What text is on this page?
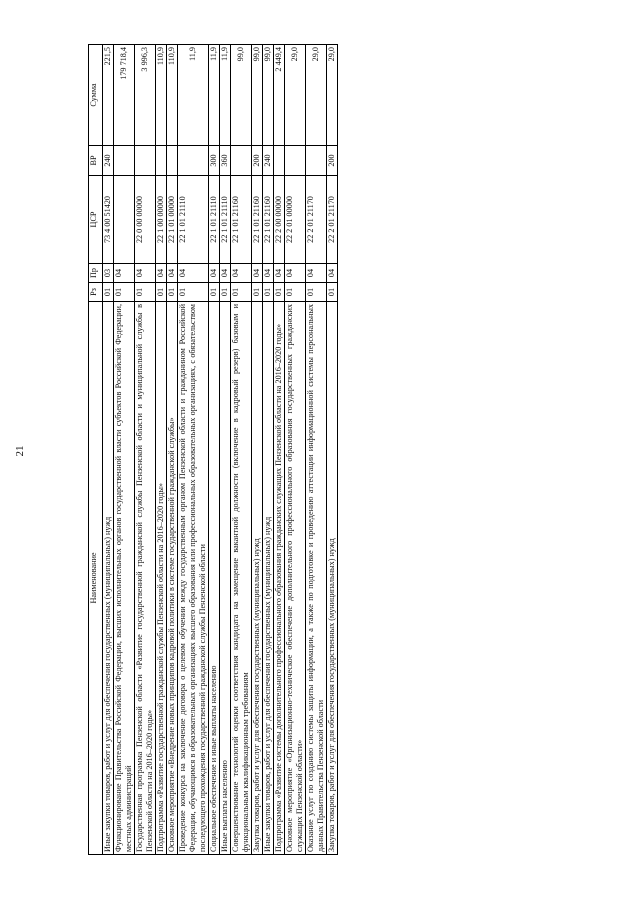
21
Наименование	Рз	Пр	ЦСР	ВР	Сумма
Иные закупки товаров, работ и услуг для обеспечения государственных (муниципальных) нужд	01	03	73 4 00 51420	240	221,5
Функционирование Правительства Российской Федерации, высших исполнительных органов государственной власти субъектов Российской Федерации, местных администраций	01	04			179 718,4
Государственная программа Пензенской области «Развитие государственной гражданской службы Пензенской области и муниципальной службы в Пензенской области на 2016–2020 годы»	01	04	22 0 00 00000		3 996,3
Подпрограмма «Развитие государственной гражданской службы Пензенской области на 2016–2020 годы»	01	04	22 1 00 00000		110,9
Основное мероприятие «Внедрение новых принципов кадровой политики в системе государственной гражданской службы»	01	04	22 1 01 00000		110,9
Проведение конкурса на заключение договора о целевом обучении между государственным органом Пензенской области и гражданином Российской Федерации, обучающимся в образовательных организациях высшего образования или профессиональных образовательных организациях, с обязательством последующего прохождения государственной гражданской службы Пензенской области	01	04	22 1 01 21110		11,9
Социальное обеспечение и иные выплаты населению	01	04	22 1 01 21110	300	11,9
Иные выплаты населению	01	04	22 1 01 21110	360	11,9
Совершенствование технологий оценки соответствия кандидата на замещение вакантной должности (включение в кадровый резерв) базовым и функциональным квалификационным требованиям	01	04	22 1 01 21160		99,0
Закупка товаров, работ и услуг для обеспечения государственных (муниципальных) нужд	01	04	22 1 01 21160	200	99,0
Иные закупки товаров, работ и услуг для обеспечения государственных (муниципальных) нужд	01	04	22 1 01 21160	240	99,0
Подпрограмма «Развитие системы дополнительного профессионального образования гражданских служащих Пензенской области на 2016–2020 годы»	01	04	22 2 00 00000		2 449,4
Основное мероприятие «Организационно-техническое обеспечение дополнительного профессионального образования государственных гражданских служащих Пензенской области»	01	04	22 2 01 00000		29,0
Оказание услуг по созданию системы защиты информации, а также по подготовке и проведению аттестации информационной системы персональных данных Правительства Пензенской области	01	04	22 2 01 21170		29,0
Закупка товаров, работ и услуг для обеспечения государственных (муниципальных) нужд	01	04	22 2 01 21170	200	29,0
